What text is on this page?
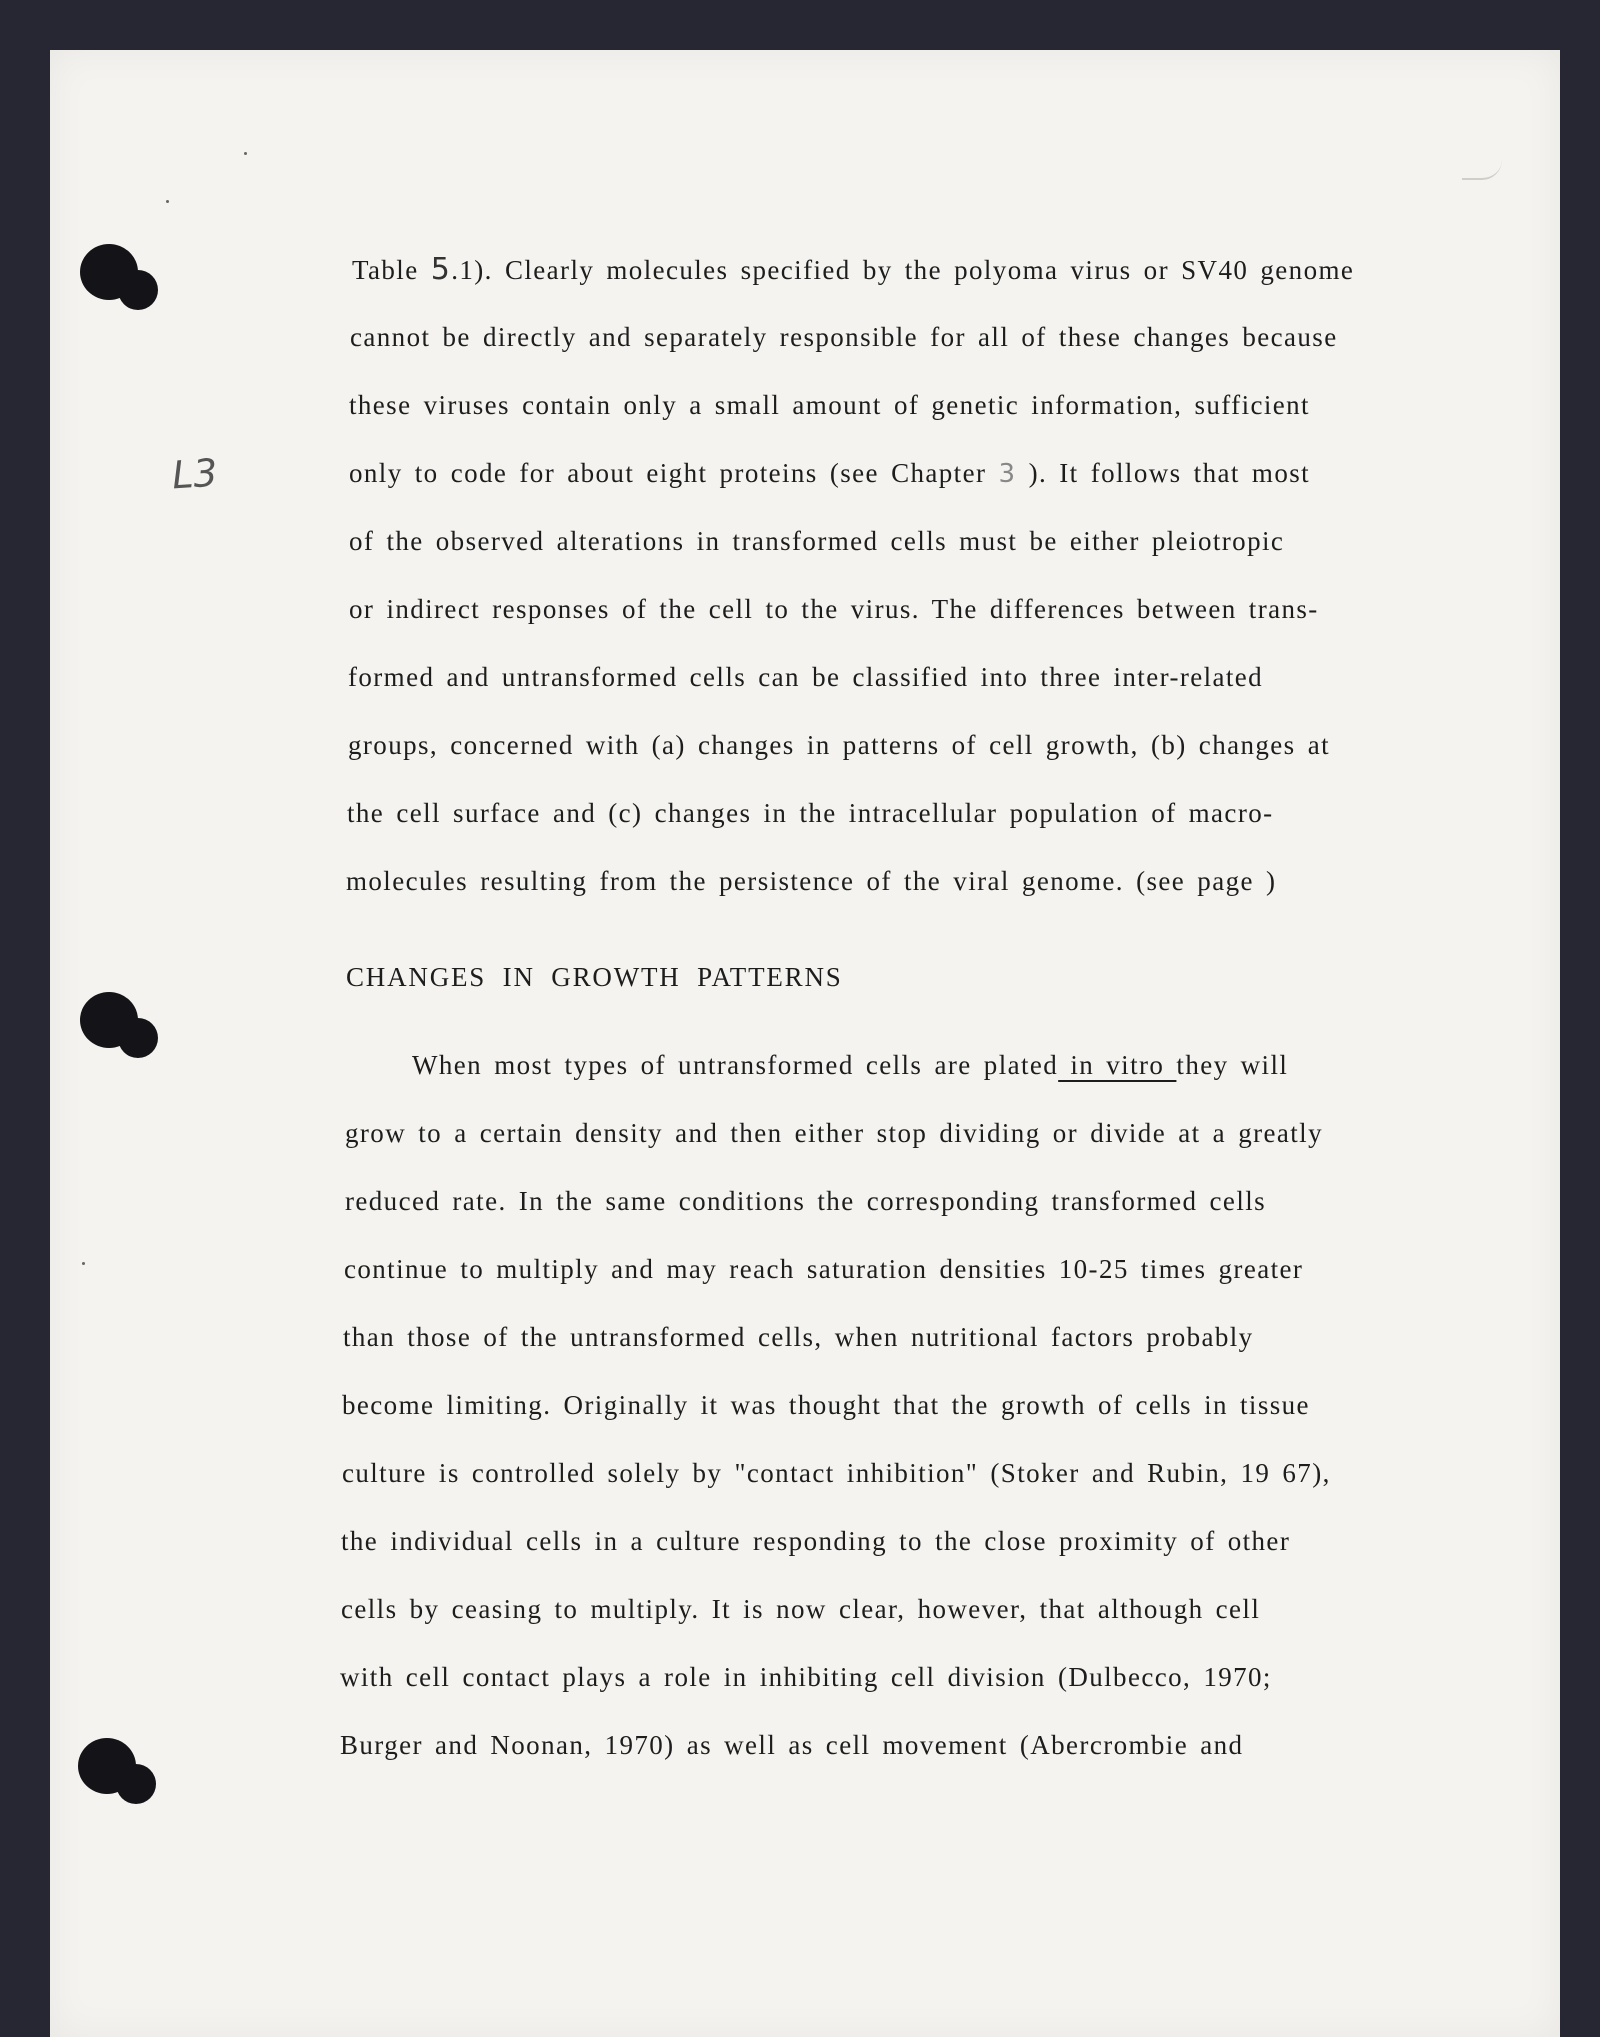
L3
Table 5.1). Clearly molecules specified by the polyoma virus or SV40 genome
cannot be directly and separately responsible for all of these changes because
these viruses contain only a small amount of genetic information, sufficient
only to code for about eight proteins (see Chapter 3 ). It follows that most
of the observed alterations in transformed cells must be either pleiotropic
or indirect responses of the cell to the virus. The differences between trans-
formed and untransformed cells can be classified into three inter-related
groups, concerned with (a) changes in patterns of cell growth, (b) changes at
the cell surface and (c) changes in the intracellular population of macro-
molecules resulting from the persistence of the viral genome. (see page )
CHANGES IN GROWTH PATTERNS
When most types of untransformed cells are plated in vitro they will
grow to a certain density and then either stop dividing or divide at a greatly
reduced rate. In the same conditions the corresponding transformed cells
continue to multiply and may reach saturation densities 10-25 times greater
than those of the untransformed cells, when nutritional factors probably
become limiting. Originally it was thought that the growth of cells in tissue
culture is controlled solely by "contact inhibition" (Stoker and Rubin, 19 67),
the individual cells in a culture responding to the close proximity of other
cells by ceasing to multiply. It is now clear, however, that although cell
with cell contact plays a role in inhibiting cell division (Dulbecco, 1970;
Burger and Noonan, 1970) as well as cell movement (Abercrombie and
